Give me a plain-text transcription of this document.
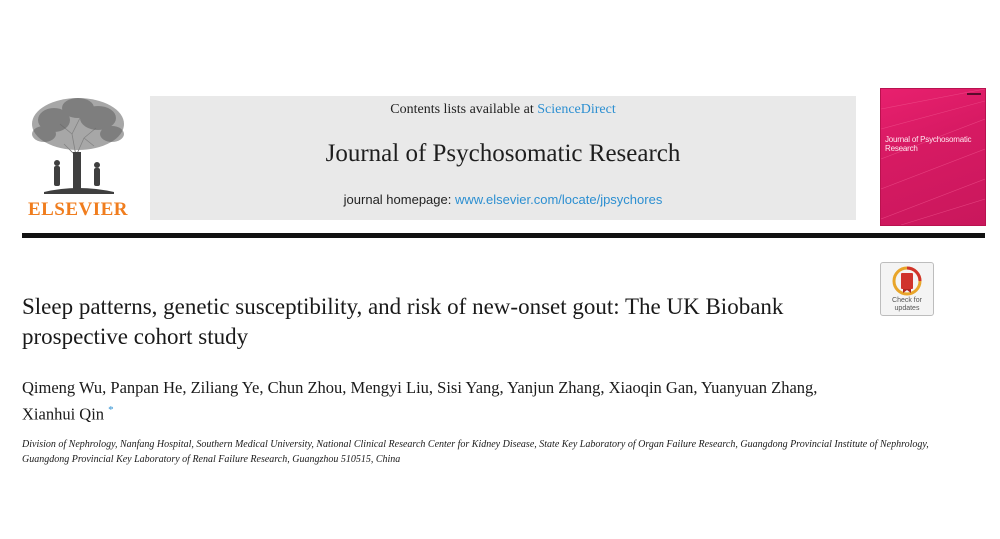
ELSEVIER
Contents lists available at ScienceDirect
Journal of Psychosomatic Research
journal homepage: www.elsevier.com/locate/jpsychores
Journal of Psychosomatic Research
Check for updates
Sleep patterns, genetic susceptibility, and risk of new-onset gout: The UK Biobank prospective cohort study
Qimeng Wu, Panpan He, Ziliang Ye, Chun Zhou, Mengyi Liu, Sisi Yang, Yanjun Zhang, Xiaoqin Gan, Yuanyuan Zhang, Xianhui Qin *
Division of Nephrology, Nanfang Hospital, Southern Medical University, National Clinical Research Center for Kidney Disease, State Key Laboratory of Organ Failure Research, Guangdong Provincial Institute of Nephrology, Guangdong Provincial Key Laboratory of Renal Failure Research, Guangzhou 510515, China
